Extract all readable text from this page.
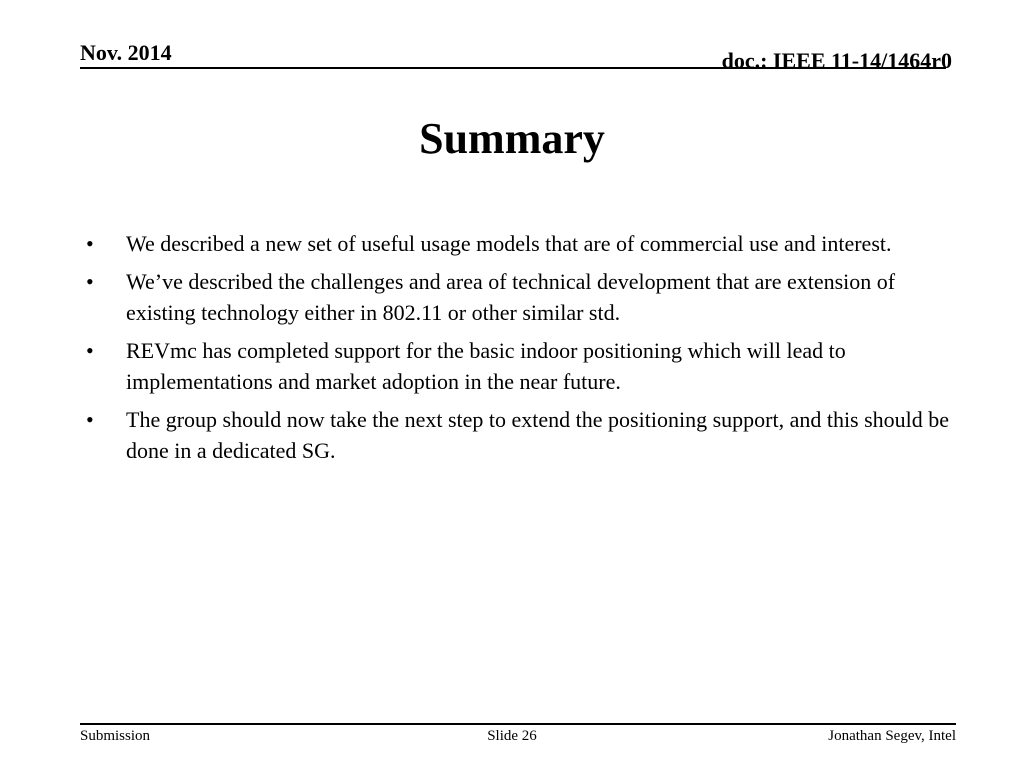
Nov. 2014	doc.: IEEE 11-14/1464r0
Summary
• We described a new set of useful usage models that are of commercial use and interest.
• We’ve described the challenges and area of technical development that are extension of existing technology either in 802.11 or other similar std.
• REVmc has completed support for the basic indoor positioning which will lead to implementations and market adoption in the near future.
• The group should now take the next step to extend the positioning support, and this should be done in a dedicated SG.
Submission	Slide 26	Jonathan Segev, Intel
